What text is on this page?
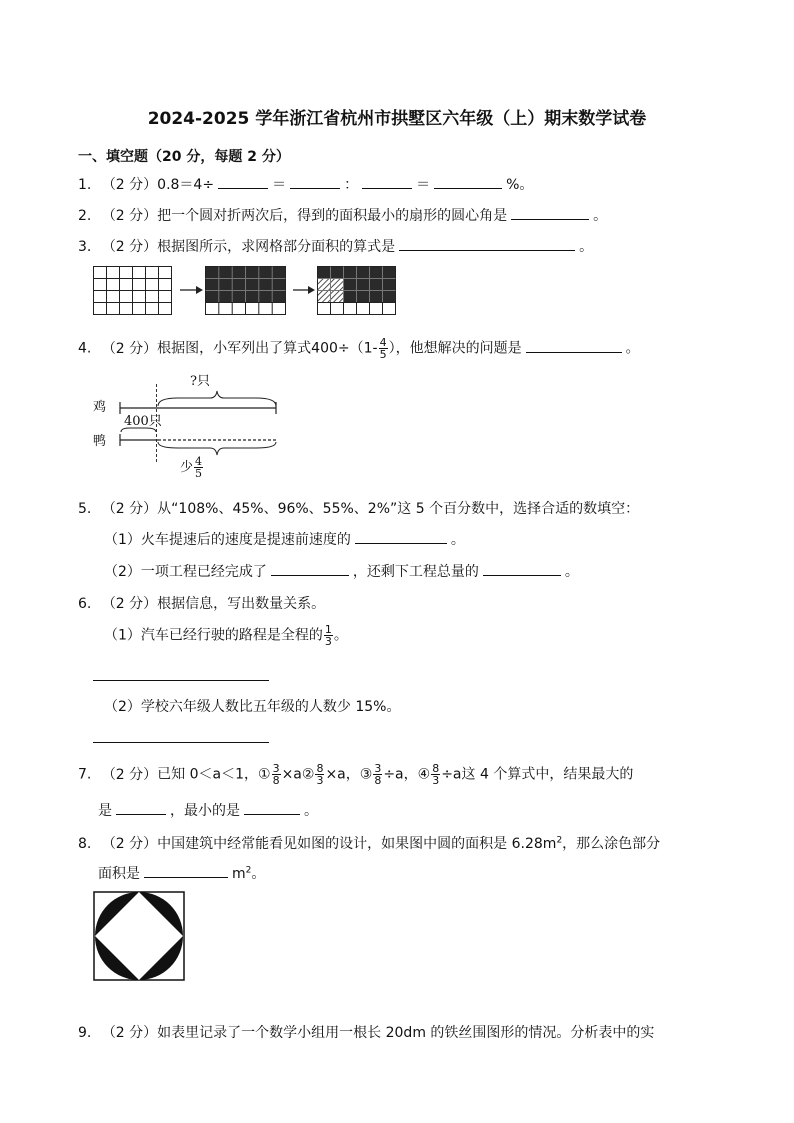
2024-2025 学年浙江省杭州市拱墅区六年级（上）期末数学试卷
一、填空题（20 分，每题 2 分）
1. （2 分）0.8＝4÷	＝	：	＝	%。
2. （2 分）把一个圆对折两次后，得到的面积最小的扇形的圆心角是	。
3. （2 分）根据图所示，求网格部分面积的算式是	。
4. （2 分）根据图，小军列出了算式$400\div(1- \frac{4}{5}$ ），他想解决的问题是	。
鸡
鸭
?只
400只
少 $\frac{4}{5}$
5. （2 分）从“108%、45%、96%、55%、2%”这 5 个百分数中，选择合适的数填空：
（1）火车提速后的速度是提速前速度的	。
（2）一项工程已经完成了	，还剩下工程总量的	。
6. （2 分）根据信息，写出数量关系。
（1）汽车已经行驶的路程是全程的 $\frac{1}{3}$ 。
（2）学校六年级人数比五年级的人数少 15%。
7. （2 分）已知 0＜a＜1，① $\frac{3}{8}$ ×a② $\frac{8}{3} \times a$，③ $\frac{3}{8} \div a$，④ $\frac{8}{3} \div a$这 4 个算式中，结果最大的
是	，最小的是	。
8. （2 分）中国建筑中经常能看见如图的设计，如果图中圆的面积是 $6.28m^2$，那么涂色部分
面积是	$m^2$。
9. （2 分）如表里记录了一个数学小组用一根长 20dm 的铁丝围图形的情况。分析表中的实
